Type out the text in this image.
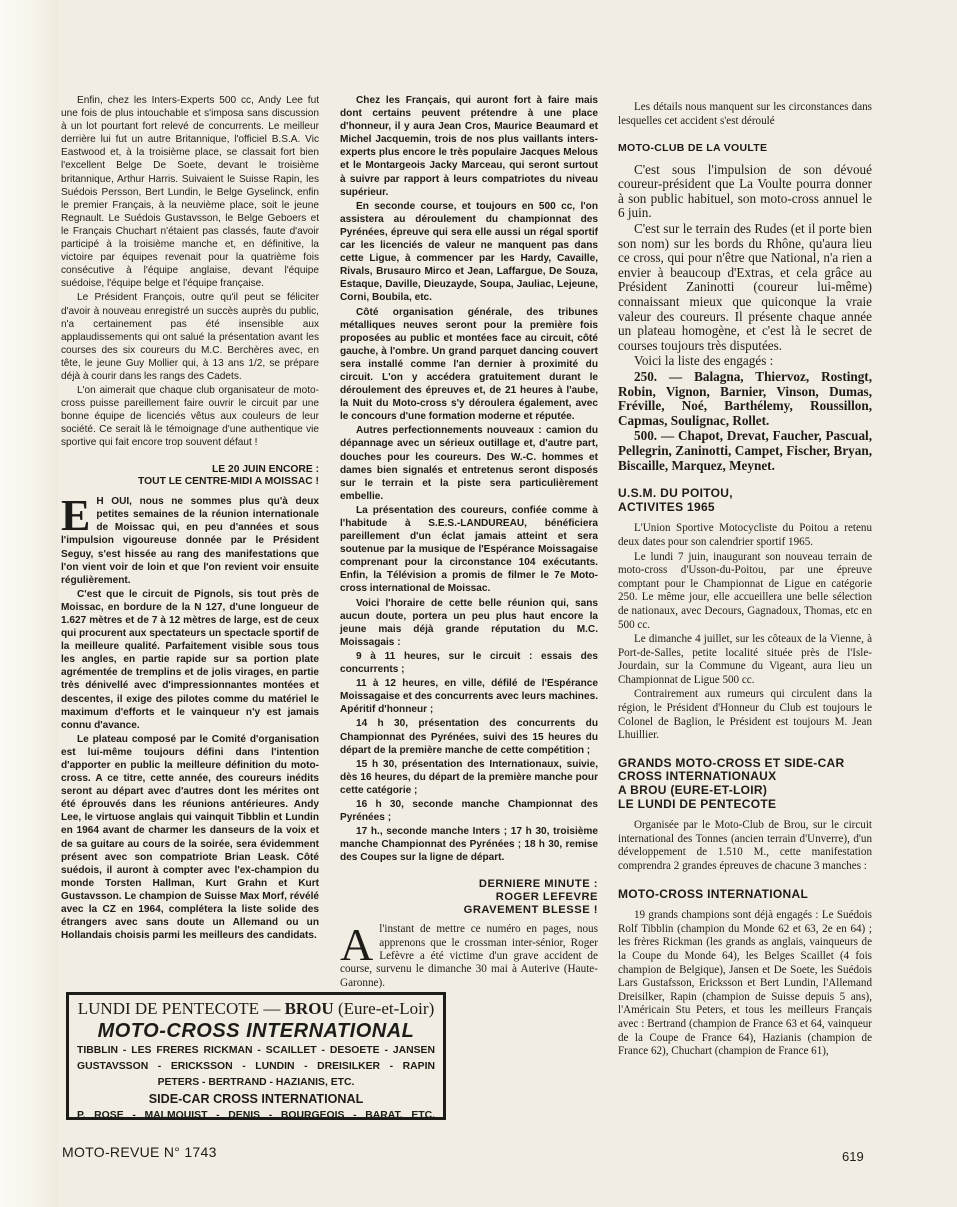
Enfin, chez les Inters-Experts 500 cc, Andy Lee fut une fois de plus intouchable et s'imposa sans discussion à un lot pourtant fort relevé de concurrents. Le meilleur derrière lui fut un autre Britannique, l'officiel B.S.A. Vic Eastwood et, à la troisième place, se classait fort bien l'excellent Belge De Soete, devant le troisième britannique, Arthur Harris. Suivaient le Suisse Rapin, les Suédois Persson, Bert Lundin, le Belge Gyselinck, enfin le premier Français, à la neuvième place, soit le jeune Regnault. Le Suédois Gustavsson, le Belge Geboers et le Français Chuchart n'étaient pas classés, faute d'avoir participé à la troisième manche et, en définitive, la victoire par équipes revenait pour la quatrième fois consécutive à l'équipe anglaise, devant l'équipe suédoise, l'équipe belge et l'équipe française.

Le Président François, outre qu'il peut se féliciter d'avoir à nouveau enregistré un succès auprès du public, n'a certainement pas été insensible aux applaudissements qui ont salué la présentation avant les courses des six coureurs du M.C. Berchères avec, en tête, le jeune Guy Mollier qui, à 13 ans 1/2, se prépare déjà à courir dans les rangs des Cadets.

L'on aimerait que chaque club organisateur de moto-cross puisse pareillement faire ouvrir le circuit par une bonne équipe de licenciés vêtus aux couleurs de leur société. Ce serait là le témoignage d'une authentique vie sportive qui fait encore trop souvent défaut !

LE 20 JUIN ENCORE :
TOUT LE CENTRE-MIDI A MOISSAC !

E H OUI, nous ne sommes plus qu'à deux petites semaines de la réunion internationale de Moissac qui, en peu d'années et sous l'impulsion vigoureuse donnée par le Président Seguy, s'est hissée au rang des manifestations que l'on vient voir de loin et que l'on revient voir ensuite régulièrement.

C'est que le circuit de Pignols, sis tout près de Moissac, en bordure de la N 127, d'une longueur de 1.627 mètres et de 7 à 12 mètres de large, est de ceux qui procurent aux spectateurs un spectacle sportif de la meilleure qualité. Parfaitement visible sous tous les angles, en partie rapide sur sa portion plate agrémentée de tremplins et de jolis virages, en partie très dénivellé avec d'impressionnantes montées et descentes, il exige des pilotes comme du matériel le maximum d'efforts et le vainqueur n'y est jamais connu d'avance.

Le plateau composé par le Comité d'organisation est lui-même toujours défini dans l'intention d'apporter en public la meilleure définition du moto-cross. A ce titre, cette année, des coureurs inédits seront au départ avec d'autres dont les mérites ont été éprouvés dans les réunions antérieures. Andy Lee, le virtuose anglais qui vainquit Tibblin et Lundin en 1964 avant de charmer les danseurs de la voix et de sa guitare au cours de la soirée, sera évidemment présent avec son compatriote Brian Leask. Côté suédois, il auront à compter avec l'ex-champion du monde Torsten Hallman, Kurt Grahn et Kurt Gustavsson. Le champion de Suisse Max Morf, révélé avec la CZ en 1964, complétera la liste solide des étrangers avec sans doute un Allemand ou un Hollandais choisis parmi les meilleurs des candidats.

Chez les Français, qui auront fort à faire mais dont certains peuvent prétendre à une place d'honneur, il y aura Jean Cros, Maurice Beaumard et Michel Jacquemin, trois de nos plus vaillants inters-experts plus encore le très populaire Jacques Melous et le Montargeois Jacky Marceau, qui seront surtout à suivre par rapport à leurs compatriotes du niveau supérieur.

En seconde course, et toujours en 500 cc, l'on assistera au déroulement du championnat des Pyrénées, épreuve qui sera elle aussi un régal sportif car les licenciés de valeur ne manquent pas dans cette Ligue, à commencer par les Hardy, Cavaille, Rivals, Brusauro Mirco et Jean, Laffargue, De Souza, Estaque, Daville, Dieuzayde, Soupa, Jauliac, Lejeune, Corni, Boubila, etc.

Côté organisation générale, des tribunes métalliques neuves seront pour la première fois proposées au public et montées face au circuit, côté gauche, à l'ombre. Un grand parquet dancing couvert sera installé comme l'an dernier à proximité du circuit. L'on y accédera gratuitement durant le déroulement des épreuves et, de 21 heures à l'aube, la Nuit du Moto-cross s'y déroulera également, avec le concours d'une formation moderne et réputée.

Autres perfectionnements nouveaux : camion du dépannage avec un sérieux outillage et, d'autre part, douches pour les coureurs. Des W.-C. hommes et dames bien signalés et entretenus seront disposés sur le terrain et la piste sera particulièrement embellie.

La présentation des coureurs, confiée comme à l'habitude à S.E.S.-LANDUREAU, bénéficiera pareillement d'un éclat jamais atteint et sera soutenue par la musique de l'Espérance Moissagaise comprenant pour la circonstance 104 exécutants. Enfin, la Télévision a promis de filmer le 7e Moto-cross international de Moissac.

Voici l'horaire de cette belle réunion qui, sans aucun doute, portera un peu plus haut encore la jeune mais déjà grande réputation du M.C. Moissagais :

9 à 11 heures, sur le circuit : essais des concurrents ;

11 à 12 heures, en ville, défilé de l'Espérance Moissagaise et des concurrents avec leurs machines. Apéritif d'honneur ;

14 h 30, présentation des concurrents du Championnat des Pyrénées, suivi des 15 heures du départ de la première manche de cette compétition ;

15 h 30, présentation des Internationaux, suivie, dès 16 heures, du départ de la première manche pour cette catégorie ;

16 h 30, seconde manche Championnat des Pyrénées ;

17 h., seconde manche Inters ; 17 h 30, troisième manche Championnat des Pyrénées ; 18 h 30, remise des Coupes sur la ligne de départ.

DERNIERE MINUTE :
ROGER LEFEVRE
GRAVEMENT BLESSE !

Al'instant de mettre ce numéro en pages, nous apprenons que le crossman inter-sénior, Roger Lefèvre a été victime d'un grave accident de course, survenu le dimanche 30 mai à Auterive (Haute-Garonne).

Les détails nous manquent sur les circonstances dans lesquelles cet accident s'est déroulé

MOTO-CLUB DE LA VOULTE

C'est sous l'impulsion de son dévoué coureur-président que La Voulte pourra donner à son public habituel, son moto-cross annuel le 6 juin.

C'est sur le terrain des Rudes (et il porte bien son nom) sur les bords du Rhône, qu'aura lieu ce cross, qui pour n'être que National, n'a rien a envier à beaucoup d'Extras, et cela grâce au Président Zaninotti (coureur lui-même) connaissant mieux que quiconque la vraie valeur des coureurs. Il présente chaque année un plateau homogène, et c'est là le secret de courses toujours très disputées.

Voici la liste des engagés :

250. — Balagna, Thiervoz, Rostingt, Robin, Vignon, Barnier, Vinson, Dumas, Fréville, Noé, Barthélemy, Roussillon, Capmas, Soulignac, Rollet.

500. — Chapot, Drevat, Faucher, Pascual, Pellegrin, Zaninotti, Campet, Fischer, Bryan, Biscaille, Marquez, Meynet.

U.S.M. DU POITOU,
ACTIVITES 1965

L'Union Sportive Motocycliste du Poitou a retenu deux dates pour son calendrier sportif 1965.

Le lundi 7 juin, inaugurant son nouveau terrain de moto-cross d'Usson-du-Poitou, par une épreuve comptant pour le Championnat de Ligue en catégorie 250. Le même jour, elle accueillera une belle sélection de nationaux, avec Decours, Gagnadoux, Thomas, etc en 500 cc.

Le dimanche 4 juillet, sur les côteaux de la Vienne, à Port-de-Salles, petite localité située près de l'Isle-Jourdain, sur la Commune du Vigeant, aura lieu un Championnat de Ligue 500 cc.

Contrairement aux rumeurs qui circulent dans la région, le Président d'Honneur du Club est toujours le Colonel de Baglion, le Président est toujours M. Jean Lhuillier.

GRANDS MOTO-CROSS ET SIDE-CAR
CROSS INTERNATIONAUX
A BROU (EURE-ET-LOIR)
LE LUNDI DE PENTECOTE

Organisée par le Moto-Club de Brou, sur le circuit international des Tonnes (ancien terrain d'Unverre), d'un développement de 1.510 M., cette manifestation comprendra 2 grandes épreuves de chacune 3 manches :

MOTO-CROSS INTERNATIONAL

19 grands champions sont déjà engagés : Le Suédois Rolf Tibblin (champion du Monde 62 et 63, 2e en 64) ; les frères Rickman (les grands as anglais, vainqueurs de la Coupe du Monde 64), les Belges Scaillet (4 fois champion de Belgique), Jansen et De Soete, les Suédois Lars Gustafsson, Ericksson et Bert Lundin, l'Allemand Dreisilker, Rapin (champion de Suisse depuis 5 ans), l'Américain Stu Peters, et tous les meilleurs Français avec : Bertrand (champion de France 63 et 64, vainqueur de la Coupe de France 64), Hazianis (champion de France 62), Chuchart (champion de France 61),

LUNDI DE PENTECOTE — BROU (Eure-et-Loir)
MOTO-CROSS INTERNATIONAL
TIBBLIN - LES FRERES RICKMAN - SCAILLET - DESOETE - JANSEN
GUSTAVSSON - ERICKSSON - LUNDIN - DREISILKER - RAPIN
PETERS - BERTRAND - HAZIANIS, ETC.
SIDE-CAR CROSS INTERNATIONAL
P. ROSE - MALMQUIST - DENIS - BOURGEOIS - BARAT, ETC.
MOTO-REVUE N° 1743	619
